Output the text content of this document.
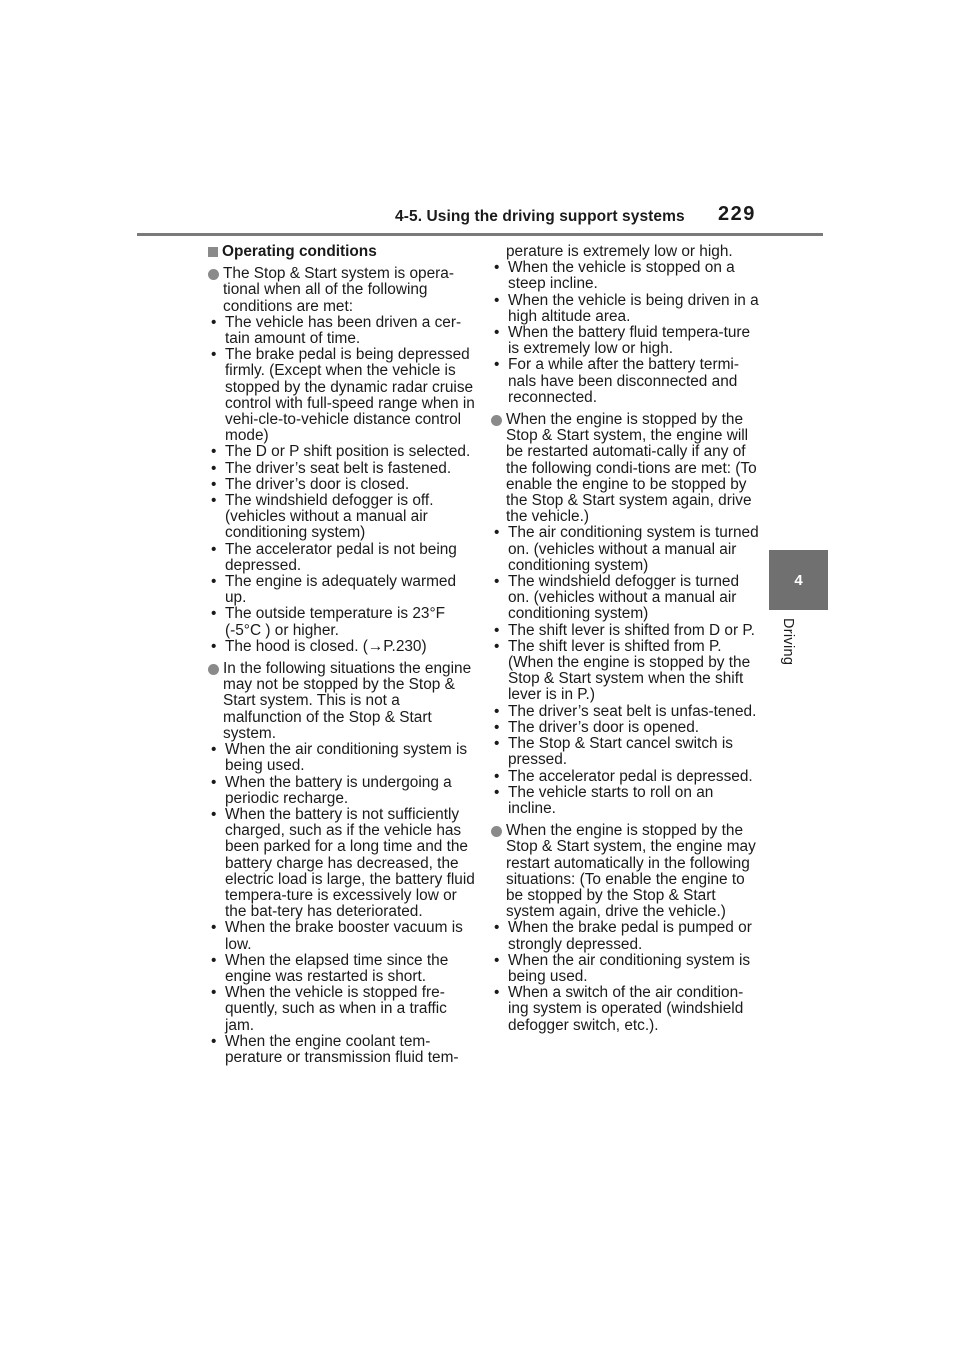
4-5. Using the driving support systems 229
4
Driving
Operating conditions
The Stop & Start system is opera-tional when all of the following conditions are met:
• The vehicle has been driven a cer-tain amount of time.
• The brake pedal is being depressed firmly. (Except when the vehicle is stopped by the dynamic radar cruise control with full-speed range when in vehi-cle-to-vehicle distance control mode)
• The D or P shift position is selected.
• The driver’s seat belt is fastened.
• The driver’s door is closed.
• The windshield defogger is off. (vehicles without a manual air conditioning system)
• The accelerator pedal is not being depressed.
• The engine is adequately warmed up.
• The outside temperature is 23°F (-5°C ) or higher.
• The hood is closed. (→P.230)
In the following situations the engine may not be stopped by the Stop & Start system. This is not a malfunction of the Stop & Start system.
• When the air conditioning system is being used.
• When the battery is undergoing a periodic recharge.
• When the battery is not sufficiently charged, such as if the vehicle has been parked for a long time and the battery charge has decreased, the electric load is large, the battery fluid tempera-ture is excessively low or the bat-tery has deteriorated.
• When the brake booster vacuum is low.
• When the elapsed time since the engine was restarted is short.
• When the vehicle is stopped fre-quently, such as when in a traffic jam.
• When the engine coolant tem-perature or transmission fluid tem-
perature is extremely low or high.
• When the vehicle is stopped on a steep incline.
• When the vehicle is being driven in a high altitude area.
• When the battery fluid tempera-ture is extremely low or high.
• For a while after the battery termi-nals have been disconnected and reconnected.
When the engine is stopped by the Stop & Start system, the engine will be restarted automati-cally if any of the following condi-tions are met: (To enable the engine to be stopped by the Stop & Start system again, drive the vehicle.)
• The air conditioning system is turned on. (vehicles without a manual air conditioning system)
• The windshield defogger is turned on. (vehicles without a manual air conditioning system)
• The shift lever is shifted from D or P.
• The shift lever is shifted from P. (When the engine is stopped by the Stop & Start system when the shift lever is in P.)
• The driver’s seat belt is unfas-tened.
• The driver’s door is opened.
• The Stop & Start cancel switch is pressed.
• The accelerator pedal is depressed.
• The vehicle starts to roll on an incline.
When the engine is stopped by the Stop & Start system, the engine may restart automatically in the following situations: (To enable the engine to be stopped by the Stop & Start system again, drive the vehicle.)
• When the brake pedal is pumped or strongly depressed.
• When the air conditioning system is being used.
• When a switch of the air condition-ing system is operated (windshield defogger switch, etc.).
